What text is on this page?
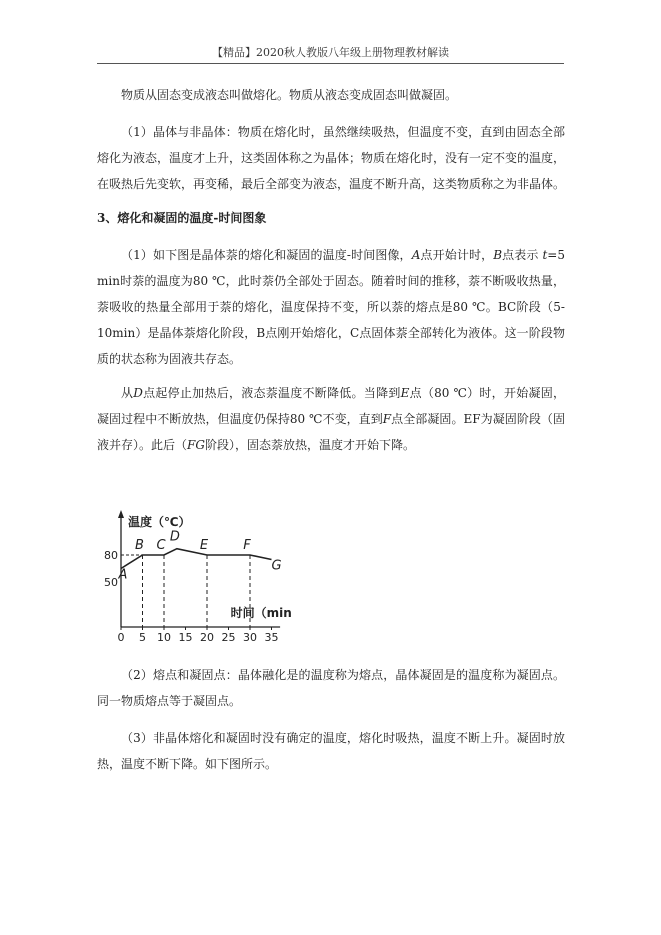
【精品】2020秋人教版八年级上册物理教材解读

物质从固态变成液态叫做熔化。物质从液态变成固态叫做凝固。

（1）晶体与非晶体：物质在熔化时，虽然继续吸热，但温度不变，直到由固态全部熔化为液态，温度才上升，这类固体称之为晶体；物质在熔化时，没有一定不变的温度，在吸热后先变软，再变稀，最后全部变为液态，温度不断升高，这类物质称之为非晶体。

3、熔化和凝固的温度-时间图象

（1）如下图是晶体萘的熔化和凝固的温度-时间图像，A点开始计时，B点表示 t=5 min时萘的温度为80 ℃，此时萘仍全部处于固态。随着时间的推移，萘不断吸收热量，萘吸收的热量全部用于萘的熔化，温度保持不变，所以萘的熔点是80 ℃。BC阶段（5-10min）是晶体萘熔化阶段，B点刚开始熔化，C点固体萘全部转化为液体。这一阶段物质的状态称为固液共存态。

从D点起停止加热后，液态萘温度不断降低。当降到E点（80 ℃）时，开始凝固，凝固过程中不断放热，但温度仍保持80 ℃不变，直到F点全部凝固。EF为凝固阶段（固液并存）。此后（FG阶段），固态萘放热，温度才开始下降。

温度（℃）
时间（min
0 5 10 15 20 25 30 35
50
80
A
B C
D
E	F
G

（2）熔点和凝固点：晶体融化是的温度称为熔点，晶体凝固是的温度称为凝固点。同一物质熔点等于凝固点。

（3）非晶体熔化和凝固时没有确定的温度，熔化时吸热，温度不断上升。凝固时放热，温度不断下降。如下图所示。
